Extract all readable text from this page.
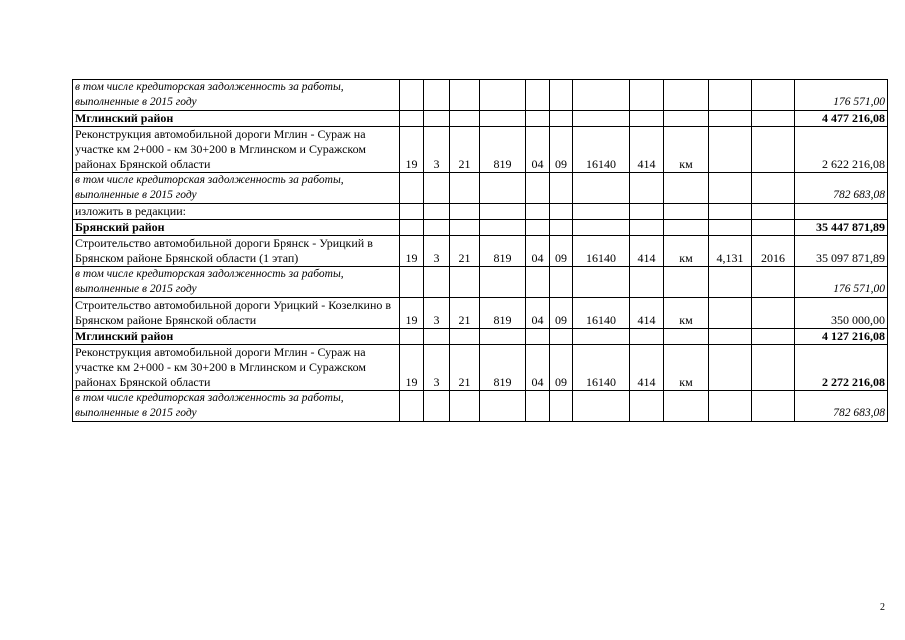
в том числе кредиторская задолженность за работы, выполненные в 2015 году												176 571,00
Мглинский район												4 477 216,08
Реконструкция автомобильной дороги Мглин - Сураж на участке км 2+000 - км 30+200 в Мглинском и Суражском районах Брянской области	19	3	21	819	04	09	16140	414	км			2 622 216,08
в том числе кредиторская задолженность за работы, выполненные в 2015 году												782 683,08
изложить в редакции:												
Брянский район												35 447 871,89
Строительство автомобильной дороги Брянск - Урицкий в Брянском районе Брянской области (1 этап)	19	3	21	819	04	09	16140	414	км	4,131	2016	35 097 871,89
в том числе кредиторская задолженность за работы, выполненные в 2015 году												176 571,00
Строительство автомобильной дороги Урицкий - Козелкино в Брянском районе Брянской области	19	3	21	819	04	09	16140	414	км			350 000,00
Мглинский район												4 127 216,08
Реконструкция автомобильной дороги Мглин - Сураж на участке км 2+000 - км 30+200 в Мглинском и Суражском районах Брянской области	19	3	21	819	04	09	16140	414	км			2 272 216,08
в том числе кредиторская задолженность за работы, выполненные в 2015 году												782 683,08
2
